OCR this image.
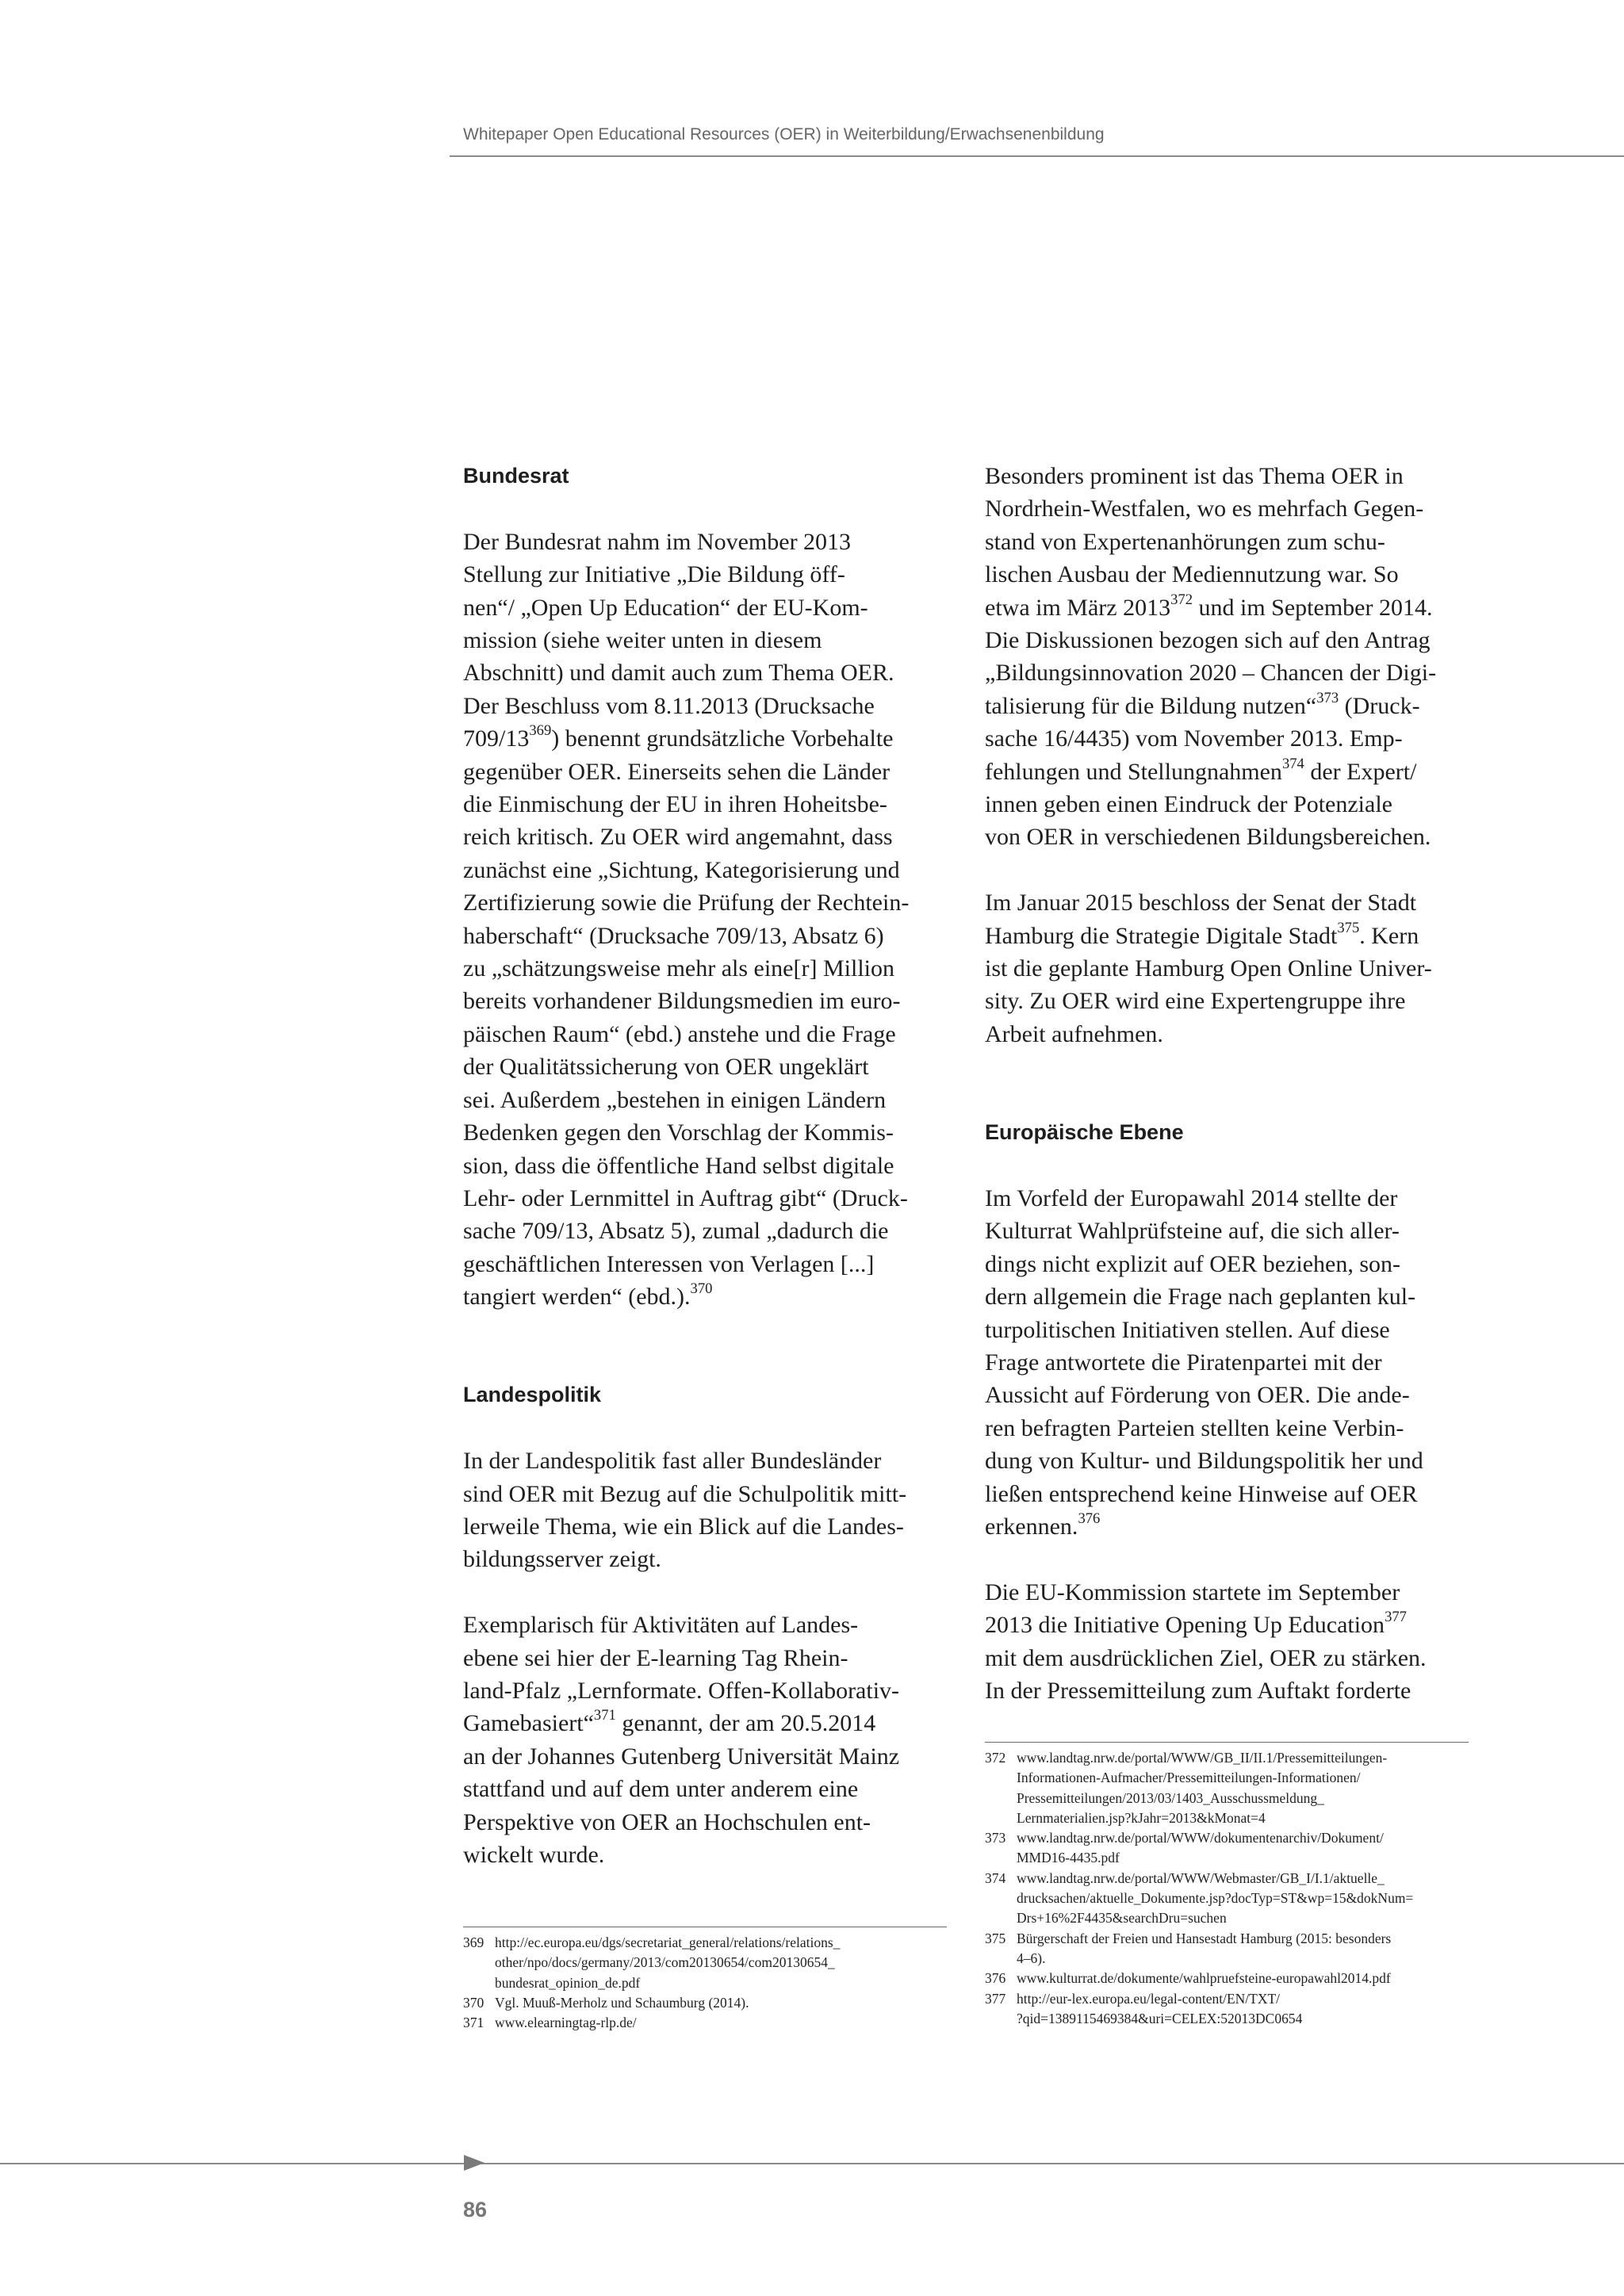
Whitepaper Open Educational Resources (OER) in Weiterbildung/Erwachsenenbildung
Bundesrat

Der Bundesrat nahm im November 2013
Stellung zur Initiative „Die Bildung öff-
nen“/ „Open Up Education“ der EU-Kom-
mission (siehe weiter unten in diesem
Abschnitt) und damit auch zum Thema OER.
Der Beschluss vom 8.11.2013 (Drucksache
$709/13^{369}$) benennt grundsätzliche Vorbehalte
gegenüber OER. Einerseits sehen die Länder
die Einmischung der EU in ihren Hoheitsbe-
reich kritisch. Zu OER wird angemahnt, dass
zunächst eine „Sichtung, Kategorisierung und
Zertifizierung sowie die Prüfung der Rechtein-
haberschaft“ (Drucksache 709/13, Absatz 6)
zu „schätzungsweise mehr als eine[r] Million
bereits vorhandener Bildungsmedien im euro-
päischen Raum“ (ebd.) anstehe und die Frage
der Qualitätssicherung von OER ungeklärt
sei. Außerdem „bestehen in einigen Ländern
Bedenken gegen den Vorschlag der Kommis-
sion, dass die öffentliche Hand selbst digitale
Lehr- oder Lernmittel in Auftrag gibt“ (Druck-
sache 709/13, Absatz 5), zumal „dadurch die
geschäftlichen Interessen von Verlagen [...]
tangiert werden“ (ebd.).$^{370}$

Landespolitik

In der Landespolitik fast aller Bundesländer
sind OER mit Bezug auf die Schulpolitik mitt-
lerweile Thema, wie ein Blick auf die Landes-
bildungsserver zeigt.

Exemplarisch für Aktivitäten auf Landes-
ebene sei hier der E-learning Tag Rhein-
land-Pfalz „Lernformate. Offen-Kollaborativ-
Gamebasiert“$^{371}$ genannt, der am 20.5.2014
an der Johannes Gutenberg Universität Mainz
stattfand und auf dem unter anderem eine
Perspektive von OER an Hochschulen ent-
wickelt wurde.

369 http://ec.europa.eu/dgs/secretariat_general/relations/relations_
other/npo/docs/germany/2013/com20130654/com20130654_
bundesrat_opinion_de.pdf
370 Vgl. Muuß-Merholz und Schaumburg (2014).
371 www.elearningtag-rlp.de/

Besonders prominent ist das Thema OER in
Nordrhein-Westfalen, wo es mehrfach Gegen-
stand von Expertenanhörungen zum schu-
lischen Ausbau der Mediennutzung war. So
etwa im März 2013$^{372}$ und im September 2014.
Die Diskussionen bezogen sich auf den Antrag
„Bildungsinnovation 2020 – Chancen der Digi-
talisierung für die Bildung nutzen“$^{373}$ (Druck-
sache 16/4435) vom November 2013. Emp-
fehlungen und Stellungnahmen$^{374}$ der Expert/
innen geben einen Eindruck der Potenziale
von OER in verschiedenen Bildungsbereichen.

Im Januar 2015 beschloss der Senat der Stadt
Hamburg die Strategie Digitale Stadt$^{375}$. Kern
ist die geplante Hamburg Open Online Univer-
sity. Zu OER wird eine Expertengruppe ihre
Arbeit aufnehmen.

Europäische Ebene

Im Vorfeld der Europawahl 2014 stellte der
Kulturrat Wahlprüfsteine auf, die sich aller-
dings nicht explizit auf OER beziehen, son-
dern allgemein die Frage nach geplanten kul-
turpolitischen Initiativen stellen. Auf diese
Frage antwortete die Piratenpartei mit der
Aussicht auf Förderung von OER. Die ande-
ren befragten Parteien stellten keine Verbin-
dung von Kultur- und Bildungspolitik her und
ließen entsprechend keine Hinweise auf OER
erkennen.$^{376}$

Die EU-Kommission startete im September
2013 die Initiative Opening Up Education$^{377}$
mit dem ausdrücklichen Ziel, OER zu stärken.
In der Pressemitteilung zum Auftakt forderte

372 www.landtag.nrw.de/portal/WWW/GB_II/II.1/Pressemitteilungen-
Informationen-Aufmacher/Pressemitteilungen-Informationen/
Pressemitteilungen/2013/03/1403_Ausschussmeldung_
Lernmaterialien.jsp?kJahr=2013&kMonat=4
373 www.landtag.nrw.de/portal/WWW/dokumentenarchiv/Dokument/
MMD16-4435.pdf
374 www.landtag.nrw.de/portal/WWW/Webmaster/GB_I/I.1/aktuelle_
drucksachen/aktuelle_Dokumente.jsp?docTyp=ST&wp=15&dokNum=
Drs+16%2F4435&searchDru=suchen
375 Bürgerschaft der Freien und Hansestadt Hamburg (2015: besonders
4–6).
376 www.kulturrat.de/dokumente/wahlpruefsteine-europawahl2014.pdf
377 http://eur-lex.europa.eu/legal-content/EN/TXT/
?qid=1389115469384&uri=CELEX:52013DC0654
86
